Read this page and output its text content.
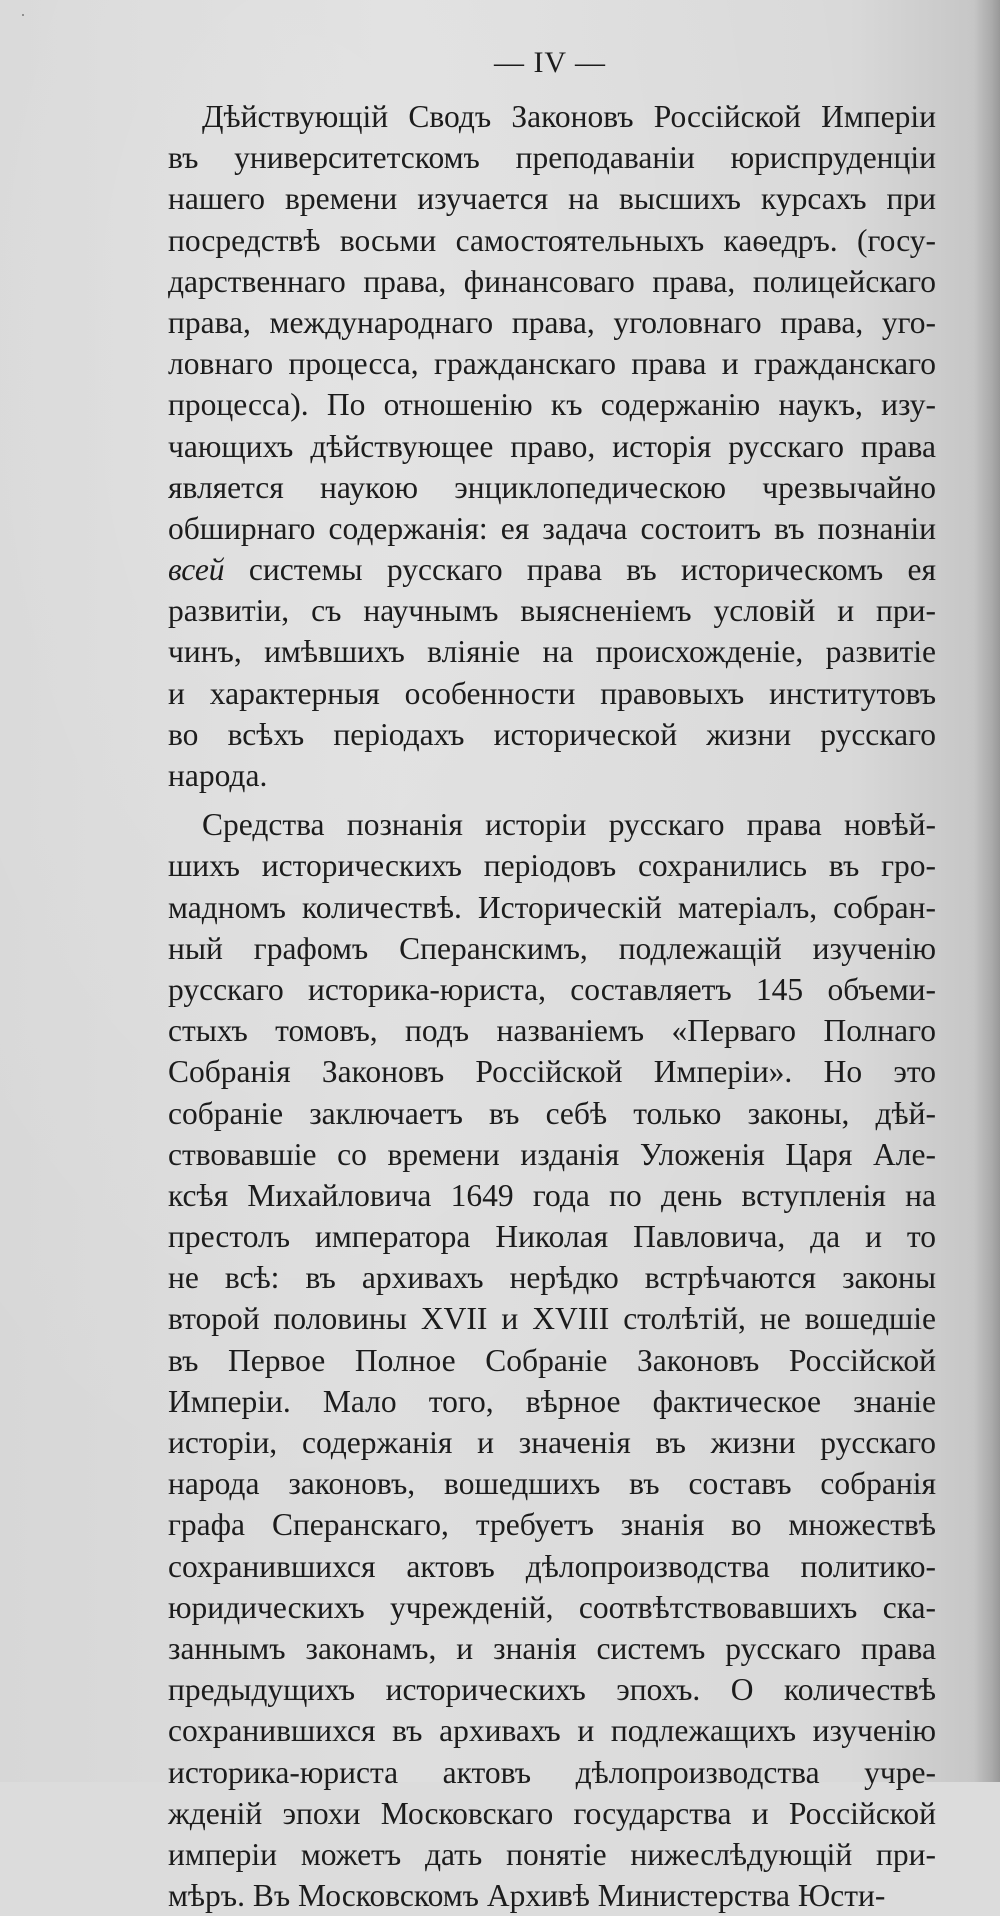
— IV —
Дѣйствующій Сводъ Законовъ Россійской Имперіи
въ университетскомъ преподаваніи юриспруденціи
нашего времени изучается на высшихъ курсахъ при
посредствѣ восьми самостоятельныхъ каѳедръ. (госу-
дарственнаго права, финансоваго права, полицейскаго
права, международнаго права, уголовнаго права, уго-
ловнаго процесса, гражданскаго права и гражданскаго
процесса). По отношенію къ содержанію наукъ, изу-
чающихъ дѣйствующее право, исторія русскаго права
является наукою энциклопедическою чрезвычайно
обширнаго содержанія: ея задача состоитъ въ познаніи
всей системы русскаго права въ историческомъ ея
развитіи, съ научнымъ выясненіемъ условій и при-
чинъ, имѣвшихъ вліяніе на происхожденіе, развитіе
и характерныя особенности правовыхъ институтовъ
во всѣхъ періодахъ исторической жизни русскаго
народа.
Средства познанія исторіи русскаго права новѣй-
шихъ историческихъ періодовъ сохранились въ гро-
мадномъ количествѣ. Историческій матеріалъ, собран-
ный графомъ Сперанскимъ, подлежащій изученію
русскаго историка-юриста, составляетъ 145 объеми-
стыхъ томовъ, подъ названіемъ «Перваго Полнаго
Собранія Законовъ Россійской Имперіи». Но это
собраніе заключаетъ въ себѣ только законы, дѣй-
ствовавшіе со времени изданія Уложенія Царя Але-
ксѣя Михайловича 1649 года по день вступленія на
престолъ императора Николая Павловича, да и то
не всѣ: въ архивахъ нерѣдко встрѣчаются законы
второй половины XVII и XVIII столѣтій, не вошедшіе
въ Первое Полное Собраніе Законовъ Россійской
Имперіи. Мало того, вѣрное фактическое знаніе
исторіи, содержанія и значенія въ жизни русскаго
народа законовъ, вошедшихъ въ составъ собранія
графа Сперанскаго, требуетъ знанія во множествѣ
сохранившихся актовъ дѣлопроизводства политико-
юридическихъ учрежденій, соотвѣтствовавшихъ ска-
заннымъ законамъ, и знанія системъ русскаго права
предыдущихъ историческихъ эпохъ. О количествѣ
сохранившихся въ архивахъ и подлежащихъ изученію
историка-юриста актовъ дѣлопроизводства учре-
жденій эпохи Московскаго государства и Россійской
имперіи можетъ дать понятіе нижеслѣдующій при-
мѣръ. Въ Московскомъ Архивѣ Министерства Юсти-
